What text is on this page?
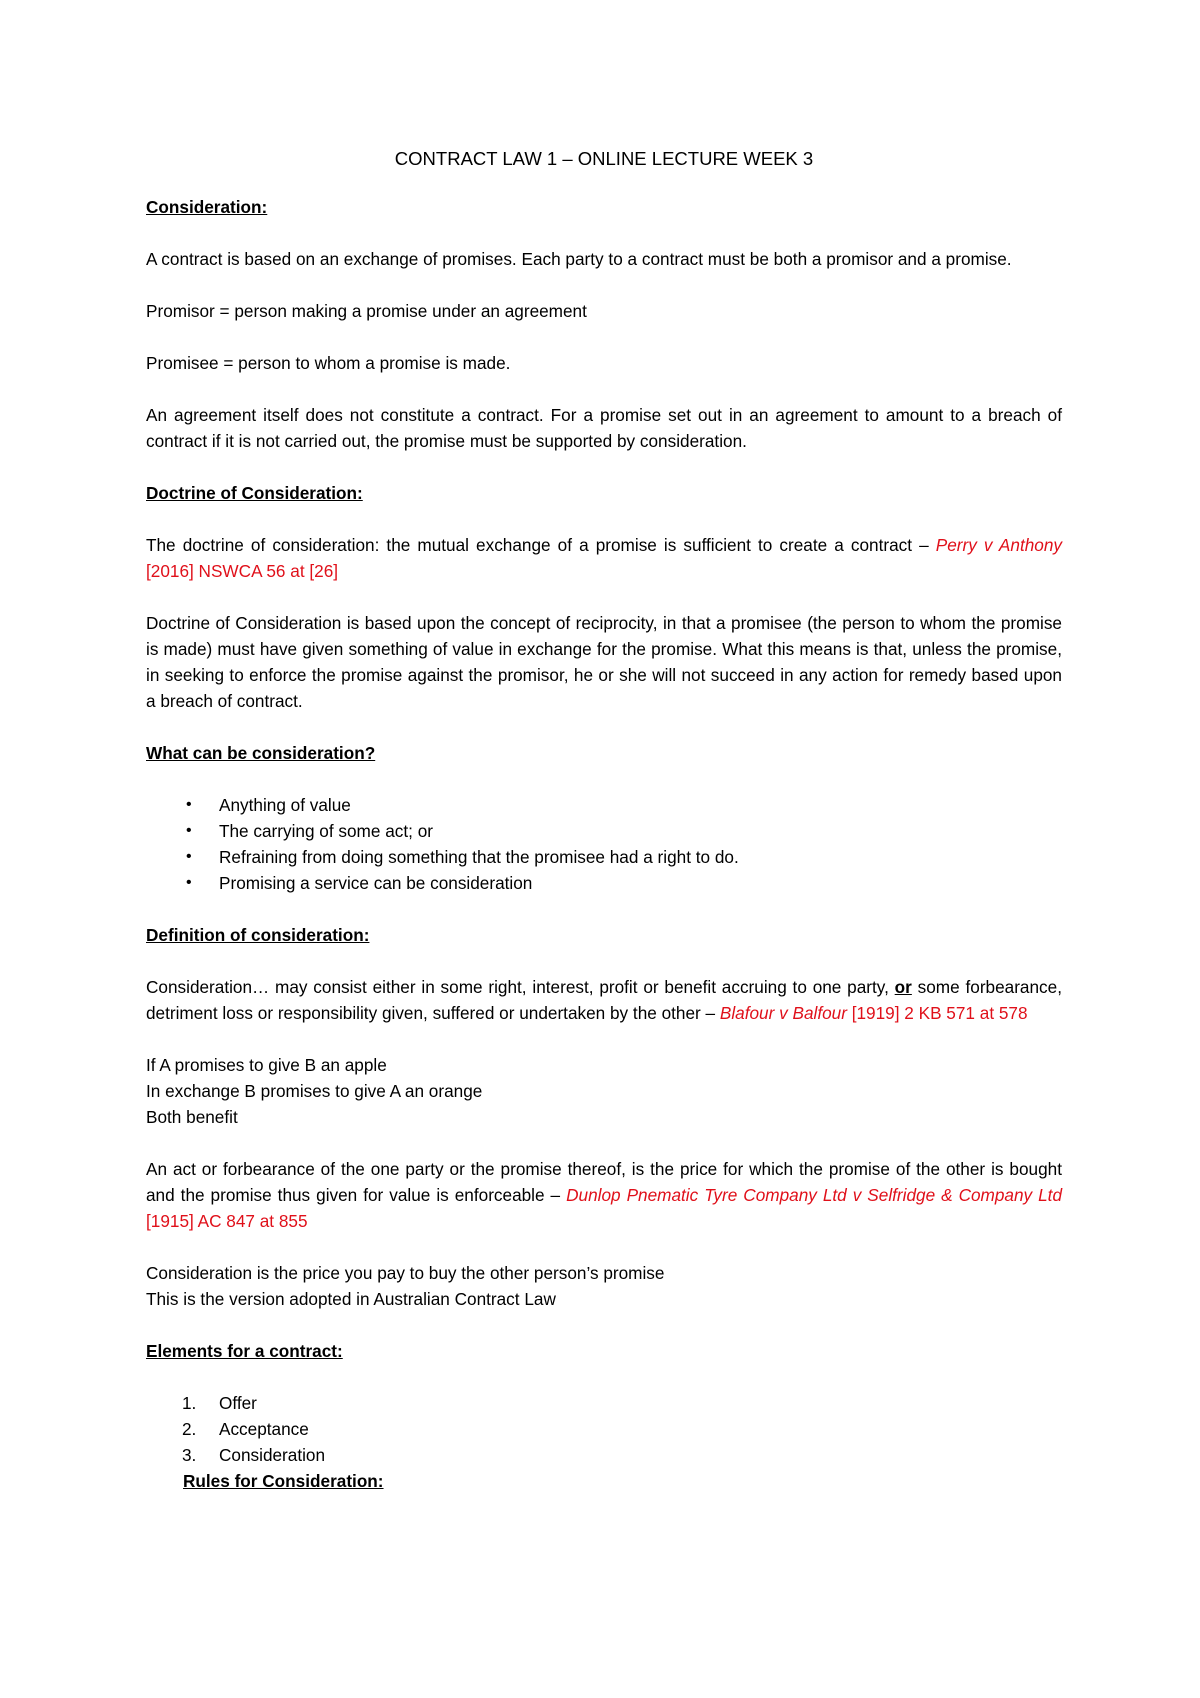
CONTRACT LAW 1 – ONLINE LECTURE WEEK 3
Consideration:
A contract is based on an exchange of promises. Each party to a contract must be both a promisor and a promise.
Promisor = person making a promise under an agreement
Promisee = person to whom a promise is made.
An agreement itself does not constitute a contract. For a promise set out in an agreement to amount to a breach of contract if it is not carried out, the promise must be supported by consideration.
Doctrine of Consideration:
The doctrine of consideration: the mutual exchange of a promise is sufficient to create a contract – Perry v Anthony [2016] NSWCA 56 at [26]
Doctrine of Consideration is based upon the concept of reciprocity, in that a promisee (the person to whom the promise is made) must have given something of value in exchange for the promise. What this means is that, unless the promise, in seeking to enforce the promise against the promisor, he or she will not succeed in any action for remedy based upon a breach of contract.
What can be consideration?
• Anything of value
• The carrying of some act; or
• Refraining from doing something that the promisee had a right to do.
• Promising a service can be consideration
Definition of consideration:
Consideration… may consist either in some right, interest, profit or benefit accruing to one party, or some forbearance, detriment loss or responsibility given, suffered or undertaken by the other – Blafour v Balfour [1919] 2 KB 571 at 578
If A promises to give B an apple
In exchange B promises to give A an orange
Both benefit
An act or forbearance of the one party or the promise thereof, is the price for which the promise of the other is bought and the promise thus given for value is enforceable – Dunlop Pnematic Tyre Company Ltd v Selfridge & Company Ltd [1915] AC 847 at 855
Consideration is the price you pay to buy the other person’s promise
This is the version adopted in Australian Contract Law
Elements for a contract:
1. Offer
2. Acceptance
3. Consideration
Rules for Consideration:
